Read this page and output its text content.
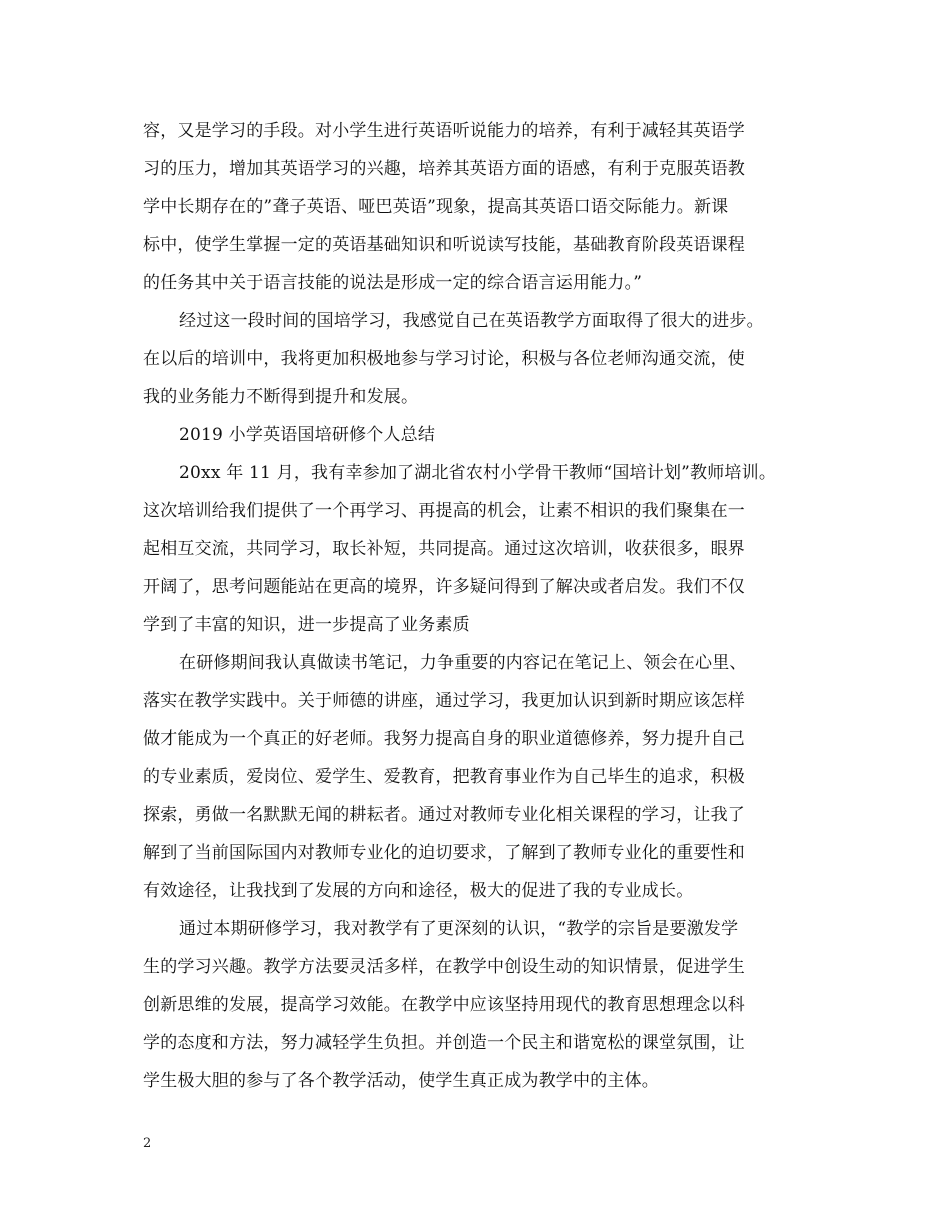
容，又是学习的手段。对小学生进行英语听说能力的培养，有利于减轻其英语学
习的压力，增加其英语学习的兴趣，培养其英语方面的语感，有利于克服英语教
学中长期存在的”聋子英语、哑巴英语”现象，提高其英语口语交际能力。新课
标中，使学生掌握一定的英语基础知识和听说读写技能，基础教育阶段英语课程
的任务其中关于语言技能的说法是形成一定的综合语言运用能力。”
经过这一段时间的国培学习，我感觉自己在英语教学方面取得了很大的进步。
在以后的培训中，我将更加积极地参与学习讨论，积极与各位老师沟通交流，使
我的业务能力不断得到提升和发展。
2019 小学英语国培研修个人总结
20xx 年 11 月，我有幸参加了湖北省农村小学骨干教师“国培计划”教师培训。
这次培训给我们提供了一个再学习、再提高的机会，让素不相识的我们聚集在一
起相互交流，共同学习，取长补短，共同提高。通过这次培训，收获很多，眼界
开阔了，思考问题能站在更高的境界，许多疑问得到了解决或者启发。我们不仅
学到了丰富的知识，进一步提高了业务素质
在研修期间我认真做读书笔记，力争重要的内容记在笔记上、领会在心里、
落实在教学实践中。关于师德的讲座，通过学习，我更加认识到新时期应该怎样
做才能成为一个真正的好老师。我努力提高自身的职业道德修养，努力提升自己
的专业素质，爱岗位、爱学生、爱教育，把教育事业作为自己毕生的追求，积极
探索，勇做一名默默无闻的耕耘者。通过对教师专业化相关课程的学习，让我了
解到了当前国际国内对教师专业化的迫切要求，了解到了教师专业化的重要性和
有效途径，让我找到了发展的方向和途径，极大的促进了我的专业成长。
通过本期研修学习，我对教学有了更深刻的认识，“教学的宗旨是要激发学
生的学习兴趣。教学方法要灵活多样，在教学中创设生动的知识情景，促进学生
创新思维的发展，提高学习效能。在教学中应该坚持用现代的教育思想理念以科
学的态度和方法，努力减轻学生负担。并创造一个民主和谐宽松的课堂氛围，让
学生极大胆的参与了各个教学活动，使学生真正成为教学中的主体。
2
